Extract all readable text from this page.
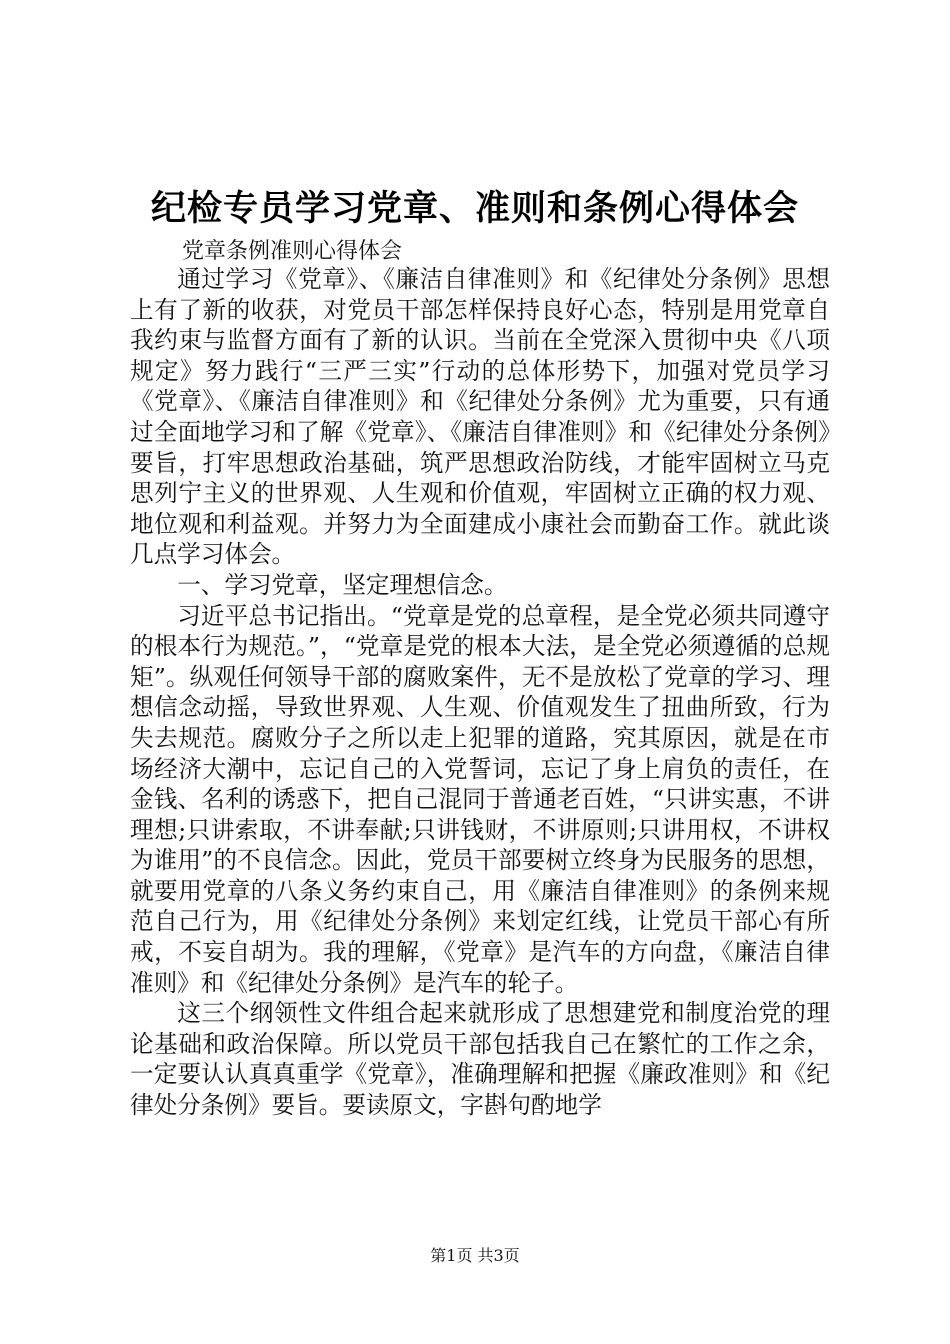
纪检专员学习党章、准则和条例心得体会
党章条例准则心得体会

通过学习《党章》、《廉洁自律准则》和《纪律处分条例》思想上有了新的收获，对党员干部怎样保持良好心态，特别是用党章自我约束与监督方面有了新的认识。当前在全党深入贯彻中央《八项规定》努力践行“三严三实”行动的总体形势下，加强对党员学习《党章》、《廉洁自律准则》和《纪律处分条例》尤为重要，只有通过全面地学习和了解《党章》、《廉洁自律准则》和《纪律处分条例》要旨，打牢思想政治基础，筑严思想政治防线，才能牢固树立马克思列宁主义的世界观、人生观和价值观，牢固树立正确的权力观、地位观和利益观。并努力为全面建成小康社会而勤奋工作。就此谈几点学习体会。

一、学习党章，坚定理想信念。

习近平总书记指出。“党章是党的总章程，是全党必须共同遵守的根本行为规范。”，“党章是党的根本大法，是全党必须遵循的总规矩”。纵观任何领导干部的腐败案件，无不是放松了党章的学习、理想信念动摇，导致世界观、人生观、价值观发生了扭曲所致，行为失去规范。腐败分子之所以走上犯罪的道路，究其原因，就是在市场经济大潮中，忘记自己的入党誓词，忘记了身上肩负的责任，在金钱、名利的诱惑下，把自己混同于普通老百姓，“只讲实惠，不讲理想;只讲索取，不讲奉献;只讲钱财，不讲原则;只讲用权，不讲权为谁用”的不良信念。因此，党员干部要树立终身为民服务的思想，就要用党章的八条义务约束自己，用《廉洁自律准则》的条例来规范自己行为，用《纪律处分条例》来划定红线，让党员干部心有所戒，不妄自胡为。我的理解，《党章》是汽车的方向盘，《廉洁自律准则》和《纪律处分条例》是汽车的轮子。

这三个纲领性文件组合起来就形成了思想建党和制度治党的理论基础和政治保障。所以党员干部包括我自己在繁忙的工作之余，一定要认认真真重学《党章》，准确理解和把握《廉政准则》和《纪律处分条例》要旨。要读原文，字斟句酌地学

第1页 共3页
